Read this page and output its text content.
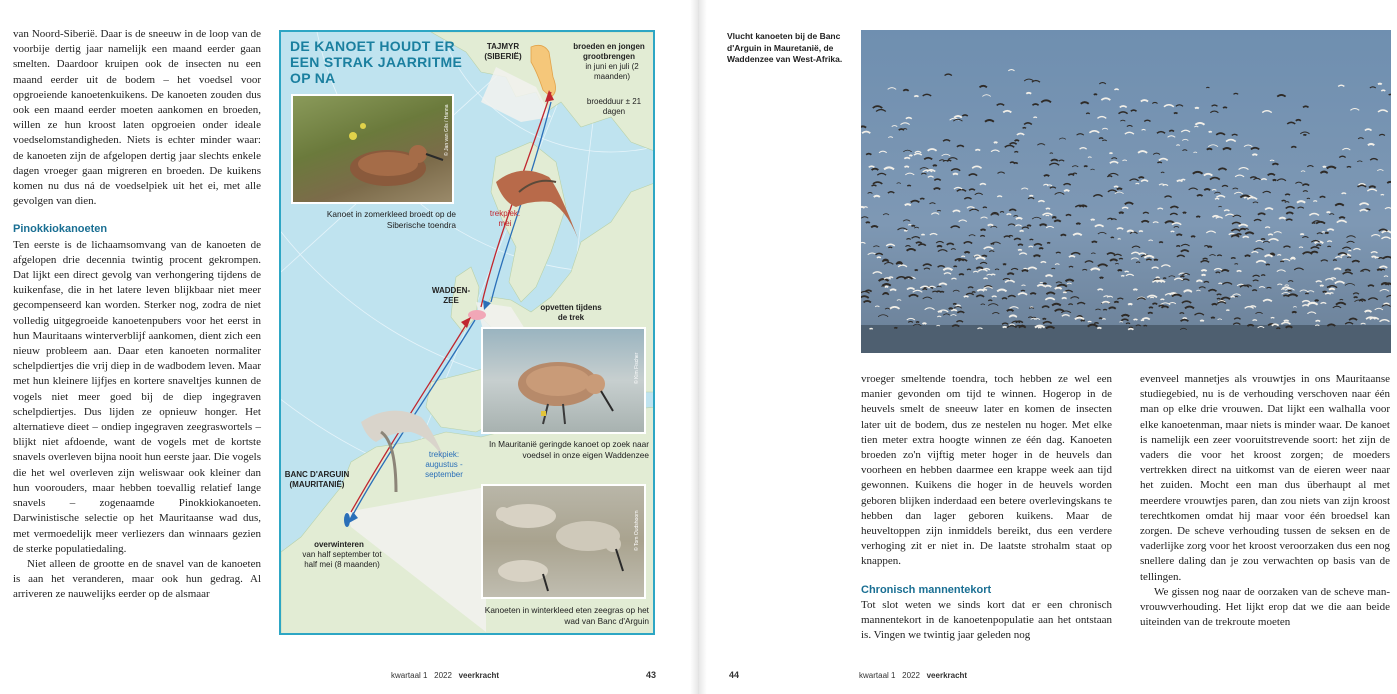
van Noord-Siberië. Daar is de sneeuw in de loop van de voorbije dertig jaar namelijk een maand eerder gaan smelten. Daardoor kruipen ook de insecten nu een maand eerder uit de bodem – het voedsel voor opgroeiende kanoetenkuikens. De kanoeten zouden dus ook een maand eerder moeten aankomen en broeden, willen ze hun kroost laten opgroeien onder ideale voedselomstandigheden. Niets is echter minder waar: de kanoeten zijn de afgelopen dertig jaar slechts enkele dagen vroeger gaan migreren en broeden. De kuikens komen nu dus ná de voedselpiek uit het ei, met alle gevolgen van dien.

Pinokkiokanoeten

Ten eerste is de lichaamsomvang van de kanoeten de afgelopen drie decennia twintig procent gekrompen. Dat lijkt een direct gevolg van verhongering tijdens de kuikenfase, die in het latere leven blijkbaar niet meer gecompenseerd kan worden. Sterker nog, zodra de niet volledig uitgegroeide kanoetenpubers voor het eerst in hun Mauritaans winterverblijf aankomen, dient zich een nieuw probleem aan. Daar eten kanoeten normaliter schelpdiertjes die vrij diep in de wadbodem leven. Maar met hun kleinere lijfjes en kortere snaveltjes kunnen de vogels niet meer goed bij de diep ingegraven schelpdiertjes. Dus lijden ze opnieuw honger. Het alternatieve dieet – ondiep ingegraven zeegraswortels – blijkt niet afdoende, want de vogels met de kortste snavels overleven bijna nooit hun eerste jaar. Die vogels die het wel overleven zijn weliswaar ook kleiner dan hun voorouders, maar hebben toevallig relatief lange snavels – zogenaamde Pinokkiokanoeten. Darwinistische selectie op het Mauritaanse wad dus, met vermoedelijk meer verliezers dan winnaars gezien de sterke populatiedaling.

Niet alleen de grootte en de snavel van de kanoeten is aan het veranderen, maar ook hun gedrag. Al arriveren ze nauwelijks eerder op de alsmaar

DE KANOET HOUDT ER EEN STRAK JAARRITME OP NA
© Jan van Gils / Hanna
Kanoet in zomerkleed broedt op de Siberische toendra
© Kim Fischer
In Mauritanië geringde kanoet op zoek naar voedsel in onze eigen Waddenzee
© Tom Oudshoorn
Kanoeten in winterkleed eten zeegras op het wad van Banc d'Arguin
TAJMYR (SIBERIË)
broeden en jongen grootbrengen
in juni en juli (2 maanden)
broedduur ± 21 dagen
trekpiek: mei
WADDEN-ZEE
opvetten tijdens de trek
trekpiek: augustus - september
BANC D'ARGUIN (MAURITANIË)
overwinteren
van half september tot half mei (8 maanden)
kwartaal 1 2022 veerkracht	43
Vlucht kanoeten bij de Banc d'Arguin in Mauretanië, de Waddenzee van West-Afrika.

vroeger smeltende toendra, toch hebben ze wel een manier gevonden om tijd te winnen. Hogerop in de heuvels smelt de sneeuw later en komen de insecten later uit de bodem, dus ze nestelen nu hoger. Met elke tien meter extra hoogte winnen ze één dag. Kanoeten broeden zo'n vijftig meter hoger in de heuvels dan voorheen en hebben daarmee een krappe week aan tijd gewonnen. Kuikens die hoger in de heuvels worden geboren blijken inderdaad een betere overlevingskans te hebben dan lager geboren kuikens. Maar de heuveltoppen zijn inmiddels bereikt, dus een verdere verhoging zit er niet in. De laatste strohalm staat op knappen.

Chronisch mannentekort

Tot slot weten we sinds kort dat er een chronisch mannentekort in de kanoetenpopulatie aan het ontstaan is. Vingen we twintig jaar geleden nog

evenveel mannetjes als vrouwtjes in ons Mauritaanse studiegebied, nu is de verhouding verschoven naar één man op elke drie vrouwen. Dat lijkt een walhalla voor elke kanoetenman, maar niets is minder waar. De kanoet is namelijk een zeer vooruitstrevende soort: het zijn de vaders die voor het kroost zorgen; de moeders vertrekken direct na uitkomst van de eieren weer naar het zuiden. Mocht een man dus überhaupt al met meerdere vrouwtjes paren, dan zou niets van zijn kroost terechtkomen omdat hij maar voor één broedsel kan zorgen. De scheve verhouding tussen de seksen en de vaderlijke zorg voor het kroost veroorzaken dus een nog snellere daling dan je zou verwachten op basis van de tellingen.

We gissen nog naar de oorzaken van de scheve man-vrouwverhouding. Het lijkt erop dat we die aan beide uiteinden van de trekroute moeten

44	kwartaal 1 2022 veerkracht
